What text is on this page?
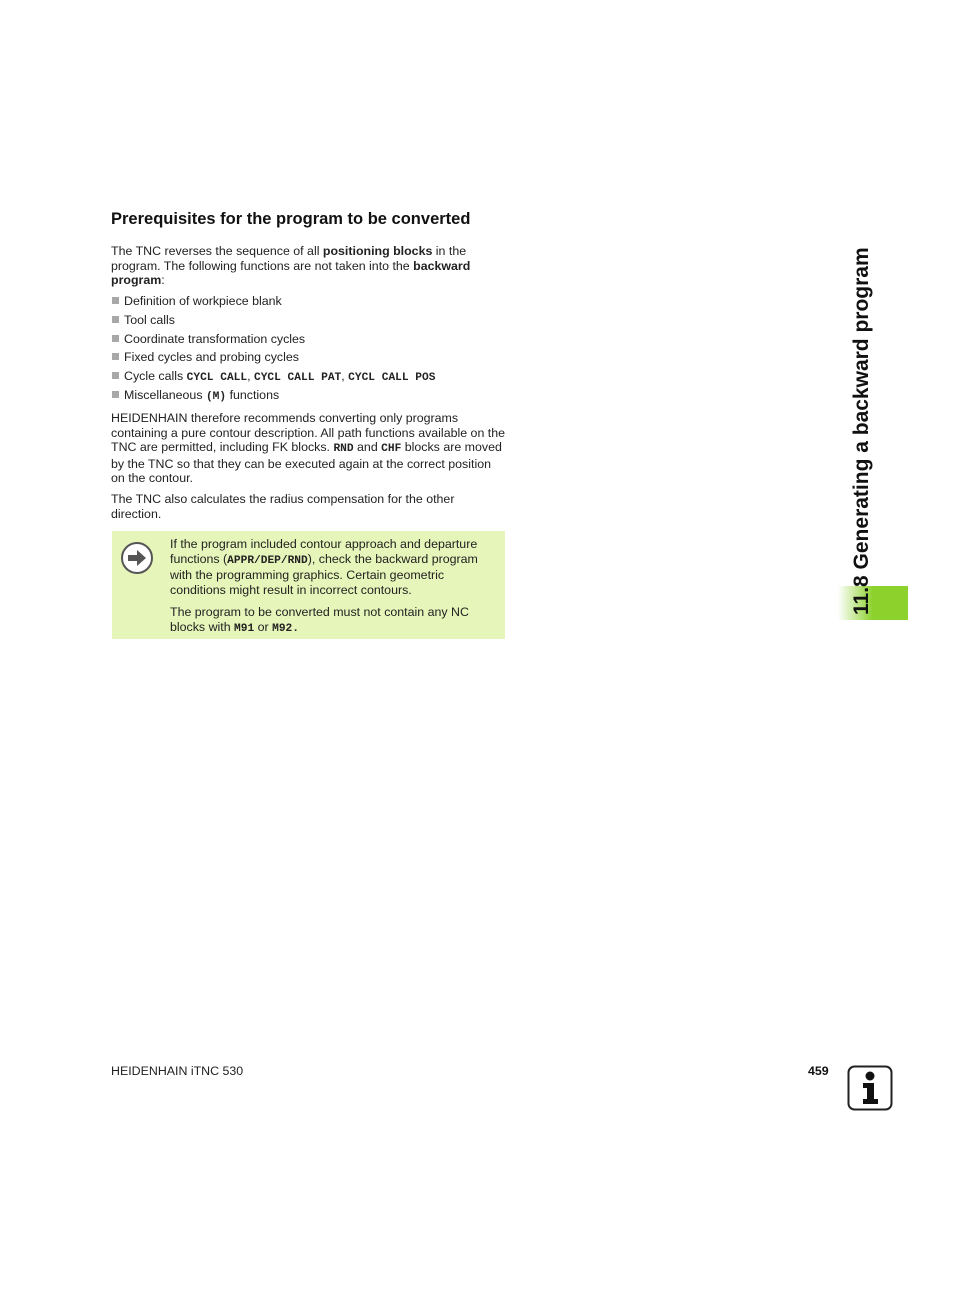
Prerequisites for the program to be converted

The TNC reverses the sequence of all positioning blocks in the program. The following functions are not taken into the backward program:

Definition of workpiece blank
Tool calls
Coordinate transformation cycles
Fixed cycles and probing cycles
Cycle calls CYCL CALL, CYCL CALL PAT, CYCL CALL POS
Miscellaneous (M) functions

HEIDENHAIN therefore recommends converting only programs containing a pure contour description. All path functions available on the TNC are permitted, including FK blocks. RND and CHF blocks are moved by the TNC so that they can be executed again at the correct position on the contour.

The TNC also calculates the radius compensation for the other direction.

If the program included contour approach and departure functions (APPR/DEP/RND), check the backward program with the programming graphics. Certain geometric conditions might result in incorrect contours.

The program to be converted must not contain any NC blocks with M91 or M92.

11.8 Generating a backward program
HEIDENHAIN iTNC 530	459
